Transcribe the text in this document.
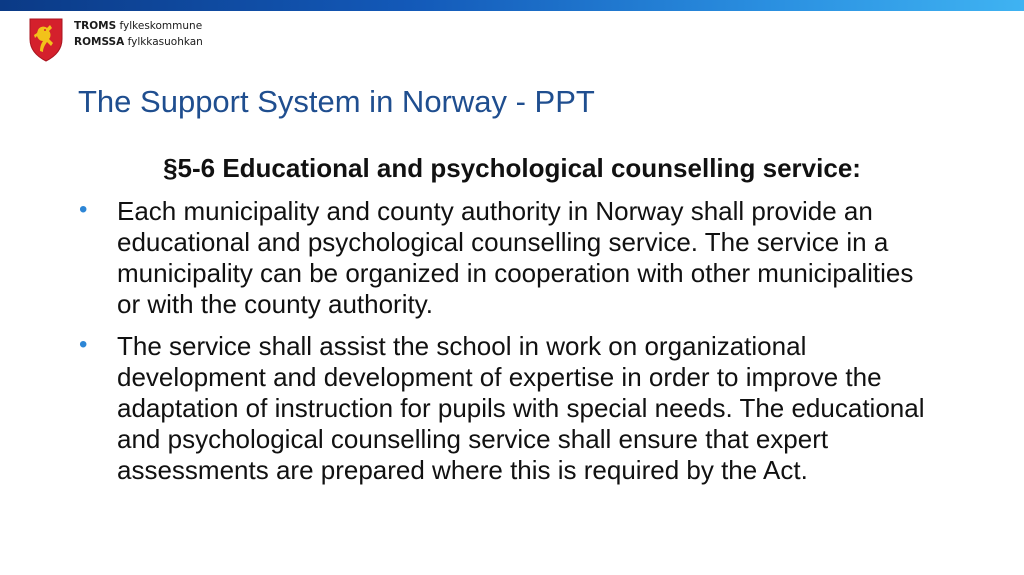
TROMS fylkeskommune
ROMSSA fylkkasuohkan
The Support System in Norway - PPT
§5-6 Educational and psychological counselling service:
• Each municipality and county authority in Norway shall provide an educational and psychological counselling service. The service in a municipality can be organized in cooperation with other municipalities or with the county authority.
• The service shall assist the school in work on organizational development and development of expertise in order to improve the adaptation of instruction for pupils with special needs. The educational and psychological counselling service shall ensure that expert assessments are prepared where this is required by the Act.
